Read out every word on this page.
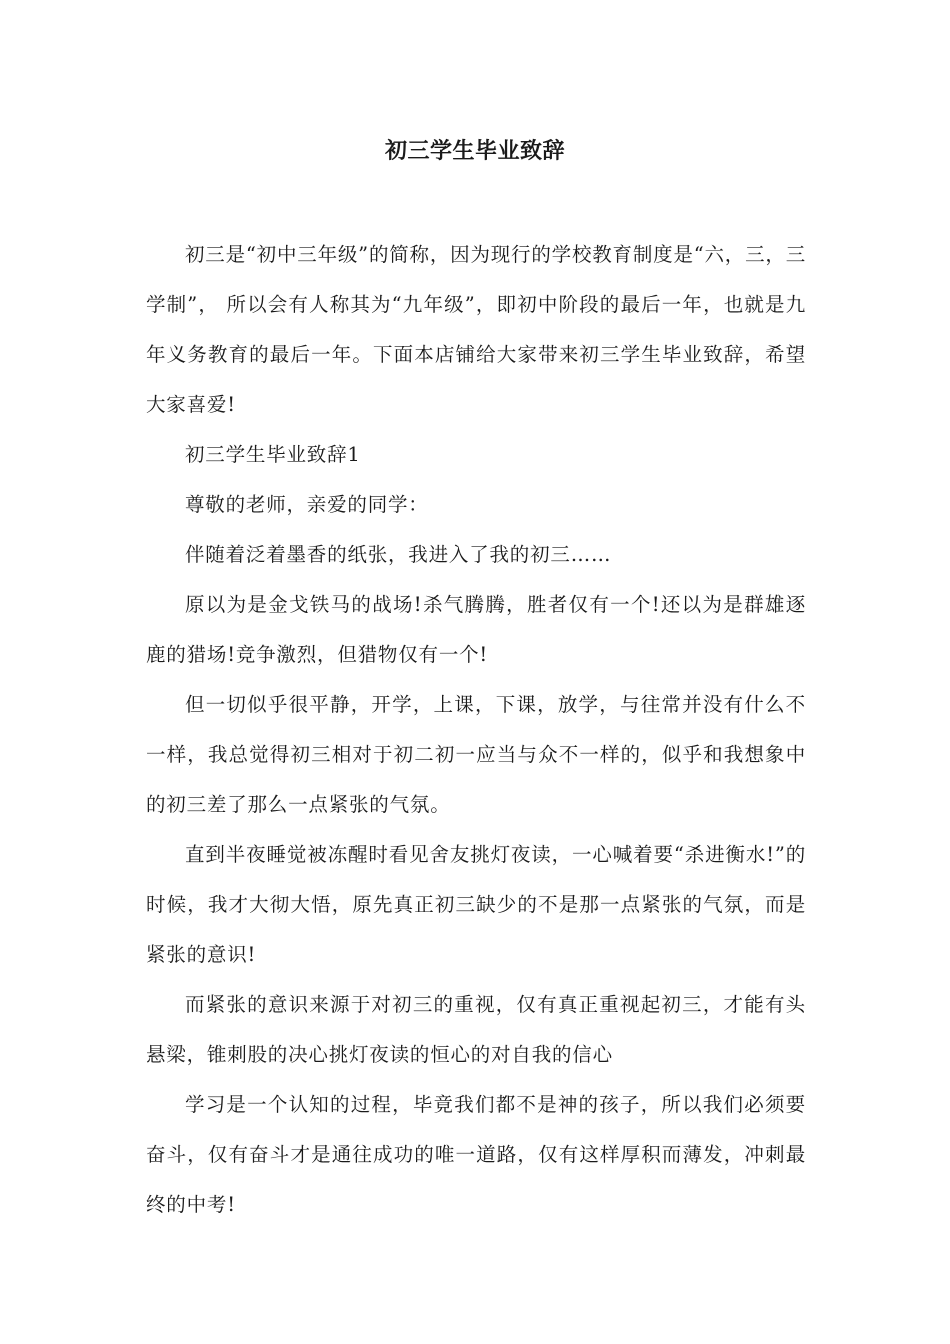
初三学生毕业致辞

初三是“初中三年级”的简称，因为现行的学校教育制度是“六，三，三学制”， 所以会有人称其为“九年级”，即初中阶段的最后一年，也就是九年义务教育的最后一年。下面本店铺给大家带来初三学生毕业致辞，希望大家喜爱!

初三学生毕业致辞1

尊敬的老师，亲爱的同学：

伴随着泛着墨香的纸张，我进入了我的初三……

原以为是金戈铁马的战场!杀气腾腾，胜者仅有一个!还以为是群雄逐鹿的猎场!竞争激烈，但猎物仅有一个!

但一切似乎很平静，开学，上课，下课，放学，与往常并没有什么不一样，我总觉得初三相对于初二初一应当与众不一样的，似乎和我想象中的初三差了那么一点紧张的气氛。

直到半夜睡觉被冻醒时看见舍友挑灯夜读，一心喊着要“杀进衡水!”的时候，我才大彻大悟，原先真正初三缺少的不是那一点紧张的气氛，而是紧张的意识!

而紧张的意识来源于对初三的重视，仅有真正重视起初三，才能有头悬梁，锥刺股的决心挑灯夜读的恒心的对自我的信心

学习是一个认知的过程，毕竟我们都不是神的孩子，所以我们必须要奋斗，仅有奋斗才是通往成功的唯一道路，仅有这样厚积而薄发，冲刺最终的中考!
